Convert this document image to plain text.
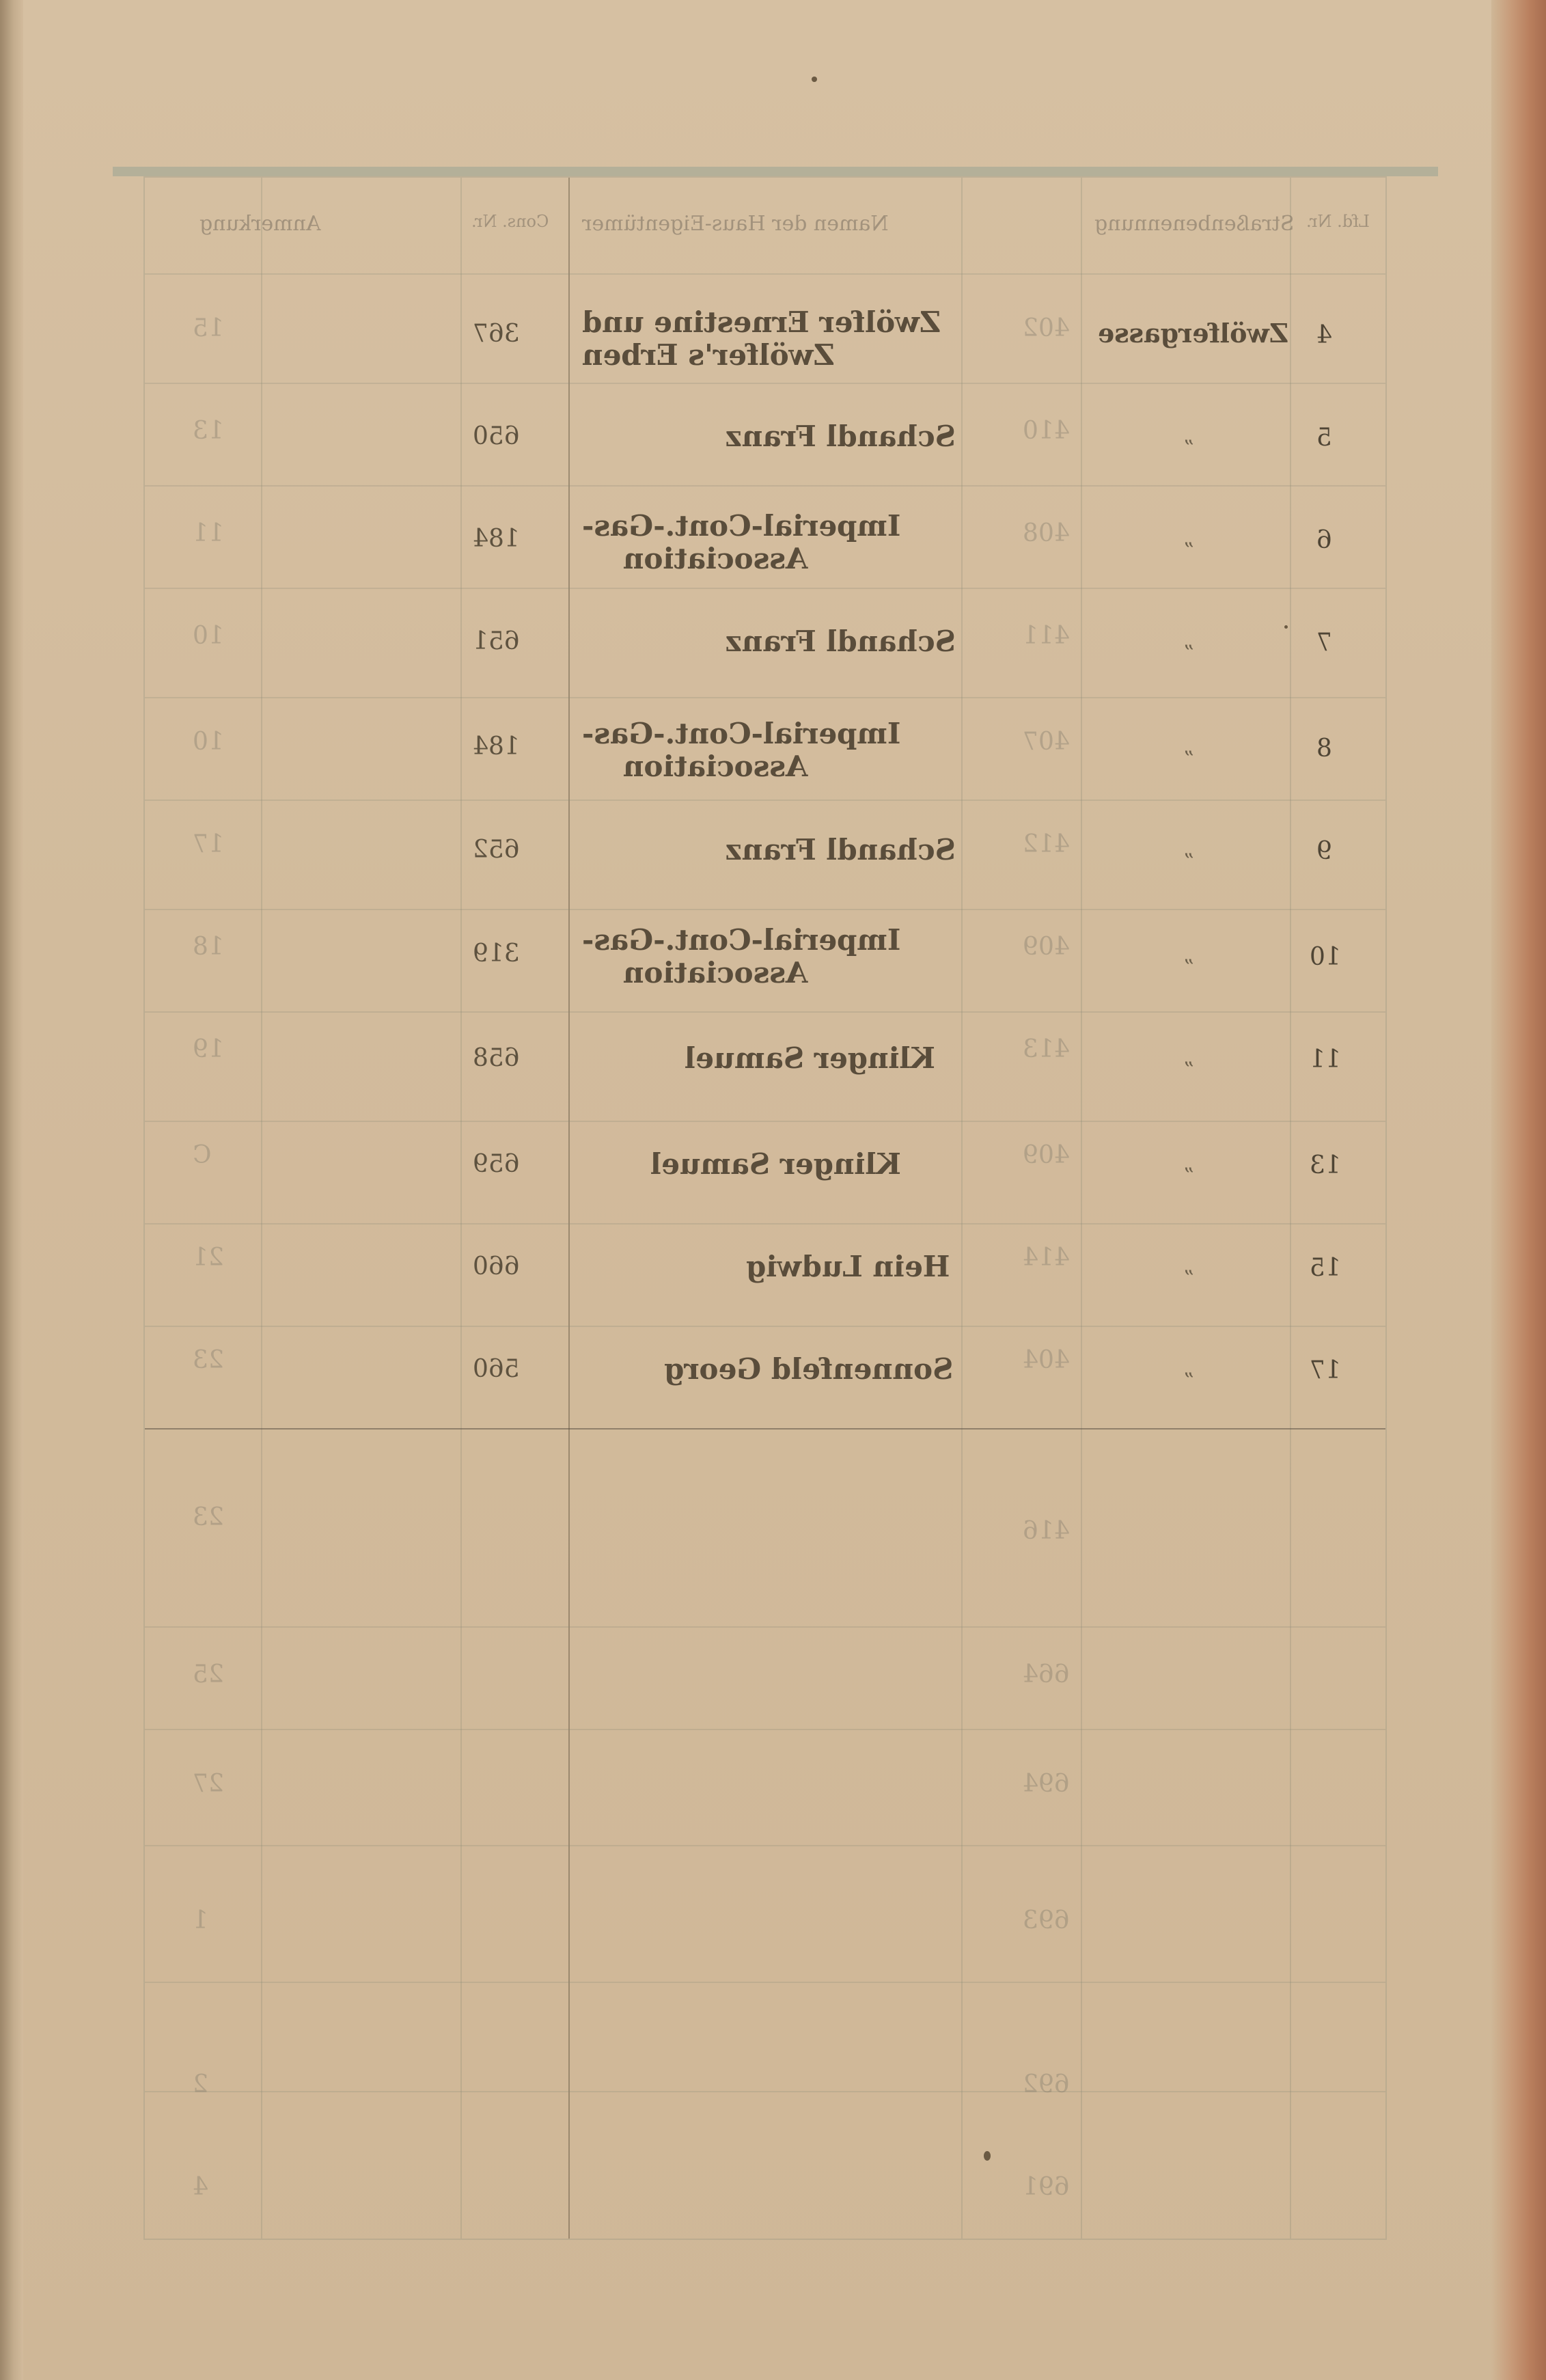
Lfd. Nr.
Straßenbenennung
Namen der Haus-Eigentümer
Cons. Nr.
Anmerkung
4
Zwölfergasse
Zwölfer Ernestine und
Zwölfer's Erben
367
5
„
Schandl Franz
650
6
„
Imperial-Cont.-Gas-
Association
184
7
„
Schandl Franz
651
8
„
Imperial-Cont.-Gas-
Association
184
9
„
Schandl Franz
652
10
„
Imperial-Cont.-Gas-
Association
319
11
„
Klinger Samuel
658
13
„
Klinger Samuel
659
15
„
Hein Ludwig
660
17
„
Sonnenfeld Georg
560
402
410
408
411
407
412
409
413
409
414
404
416
664
694
693
692
691
15
13
11
10
10
17
18
19
C
21
23
23
25
27
1
2
4
